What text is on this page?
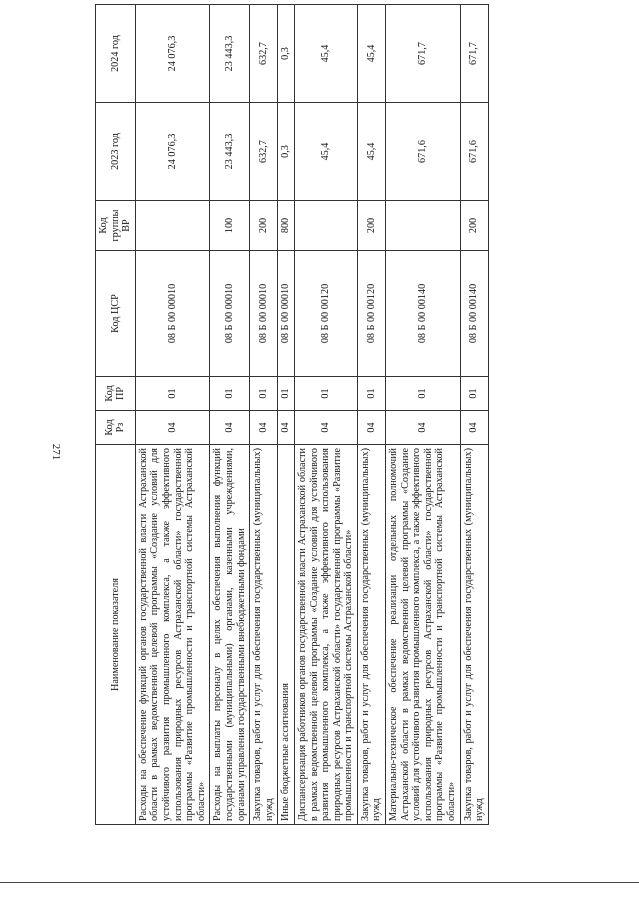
271
Наименование показателя	Код Рз	Код ПР	Код ЦСР	Код группы ВР	2023 год	2024 год
Расходы на обеспечение функций органов государственной власти Астраханской области в рамках ведомственной целевой программы «Создание условий для устойчивого развития промышленного комплекса, а также эффективного использования природных ресурсов Астраханской области» государственной программы «Развитие промышленности и транспортной системы Астраханской области»	04	01	08 Б 00 00010		24 076,3	24 076,3
Расходы на выплаты персоналу в целях обеспечения выполнения функций государственными (муниципальными) органами, казенными учреждениями, органами управления государственными внебюджетными фондами	04	01	08 Б 00 00010	100	23 443,3	23 443,3
Закупка товаров, работ и услуг для обеспечения государственных (муниципальных) нужд	04	01	08 Б 00 00010	200	632,7	632,7
Иные бюджетные ассигнования	04	01	08 Б 00 00010	800	0,3	0,3
Диспансеризация работников органов государственной власти Астраханской области в рамках ведомственной целевой программы «Создание условий для устойчивого развития промышленного комплекса, а также эффективного использования природных ресурсов Астраханской области» государственной программы «Развитие промышленности и транспортной системы Астраханской области»	04	01	08 Б 00 00120		45,4	45,4
Закупка товаров, работ и услуг для обеспечения государственных (муниципальных) нужд	04	01	08 Б 00 00120	200	45,4	45,4
Материально-техническое обеспечение реализации отдельных полномочий Астраханской области в рамках ведомственной целевой программы «Создание условий для устойчивого развития промышленного комплекса, а также эффективного использования природных ресурсов Астраханской области» государственной программы «Развитие промышленности и транспортной системы Астраханской области»	04	01	08 Б 00 00140		671,6	671,7
Закупка товаров, работ и услуг для обеспечения государственных (муниципальных) нужд	04	01	08 Б 00 00140	200	671,6	671,7
